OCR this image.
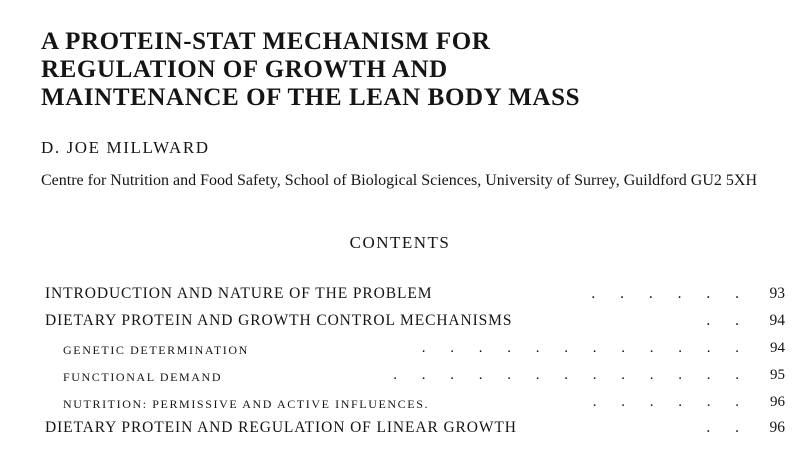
A PROTEIN-STAT MECHANISM FOR
REGULATION OF GROWTH AND
MAINTENANCE OF THE LEAN BODY MASS
D. JOE MILLWARD
Centre for Nutrition and Food Safety, School of Biological Sciences, University of Surrey, Guildford GU2 5XH
CONTENTS
INTRODUCTION AND NATURE OF THE PROBLEM	. . . . . .	93
DIETARY PROTEIN AND GROWTH CONTROL MECHANISMS	. .	94
GENETIC DETERMINATION	. . . . . . . . . . . .	94
FUNCTIONAL DEMAND	. . . . . . . . . . . . .	95
NUTRITION: PERMISSIVE AND ACTIVE INFLUENCES.	. . . . . .	96
DIETARY PROTEIN AND REGULATION OF LINEAR GROWTH	. .	96
